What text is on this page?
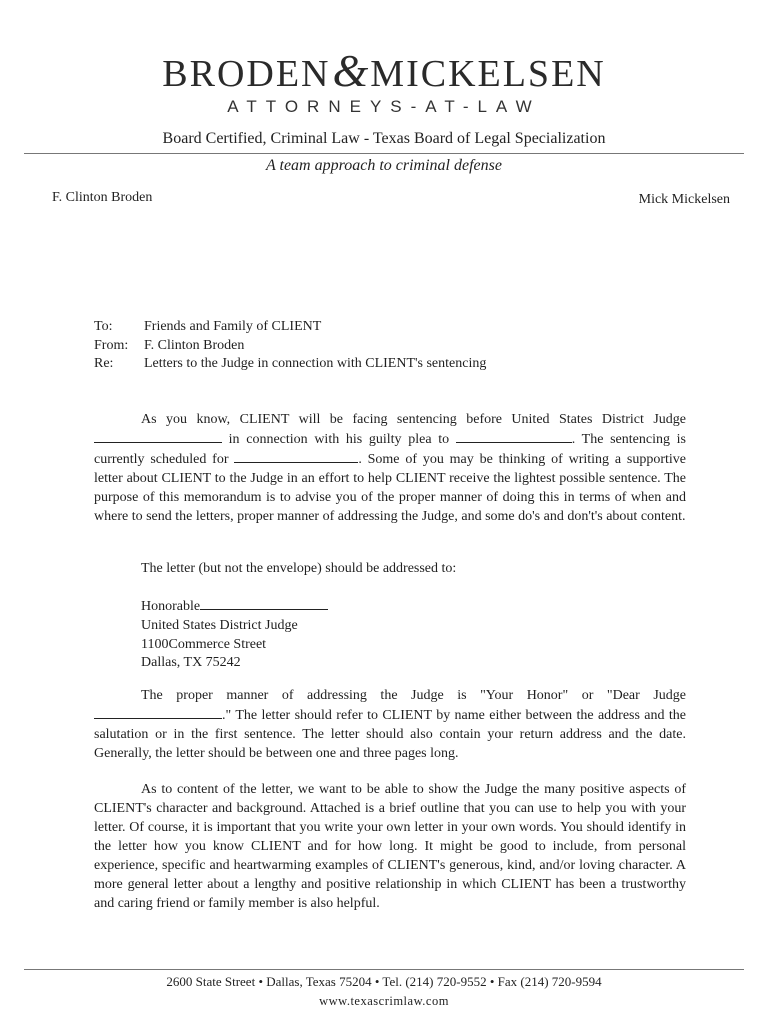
BRODEN&MICKELSEN
ATTORNEYS-AT-LAW
Board Certified, Criminal Law - Texas Board of Legal Specialization
A team approach to criminal defense
F. Clinton Broden	Mick Mickelsen
To:	Friends and Family of CLIENT
From:	F. Clinton Broden
Re:	Letters to the Judge in connection with CLIENT's sentencing

As you know, CLIENT will be facing sentencing before United States District Judge in connection with his guilty plea to	. The sentencing is currently scheduled for	. Some of you may be thinking of writing a supportive letter about CLIENT to the Judge in an effort to help CLIENT receive the lightest possible sentence. The purpose of this memorandum is to advise you of the proper manner of doing this in terms of when and where to send the letters, proper manner of addressing the Judge, and some do's and don't's about content.

The letter (but not the envelope) should be addressed to:

Honorable
United States District Judge
1100Commerce Street
Dallas, TX 75242

The proper manner of addressing the Judge is "Your Honor" or "Dear Judge ." The letter should refer to CLIENT by name either between the address and the salutation or in the first sentence. The letter should also contain your return address and the date. Generally, the letter should be between one and three pages long.

As to content of the letter, we want to be able to show the Judge the many positive aspects of CLIENT's character and background. Attached is a brief outline that you can use to help you with your letter. Of course, it is important that you write your own letter in your own words. You should identify in the letter how you know CLIENT and for how long. It might be good to include, from personal experience, specific and heartwarming examples of CLIENT's generous, kind, and/or loving character. A more general letter about a lengthy and positive relationship in which CLIENT has been a trustworthy and caring friend or family member is also helpful.

2600 State Street • Dallas, Texas 75204 • Tel. (214) 720-9552 • Fax (214) 720-9594
www.texascrimlaw.com
